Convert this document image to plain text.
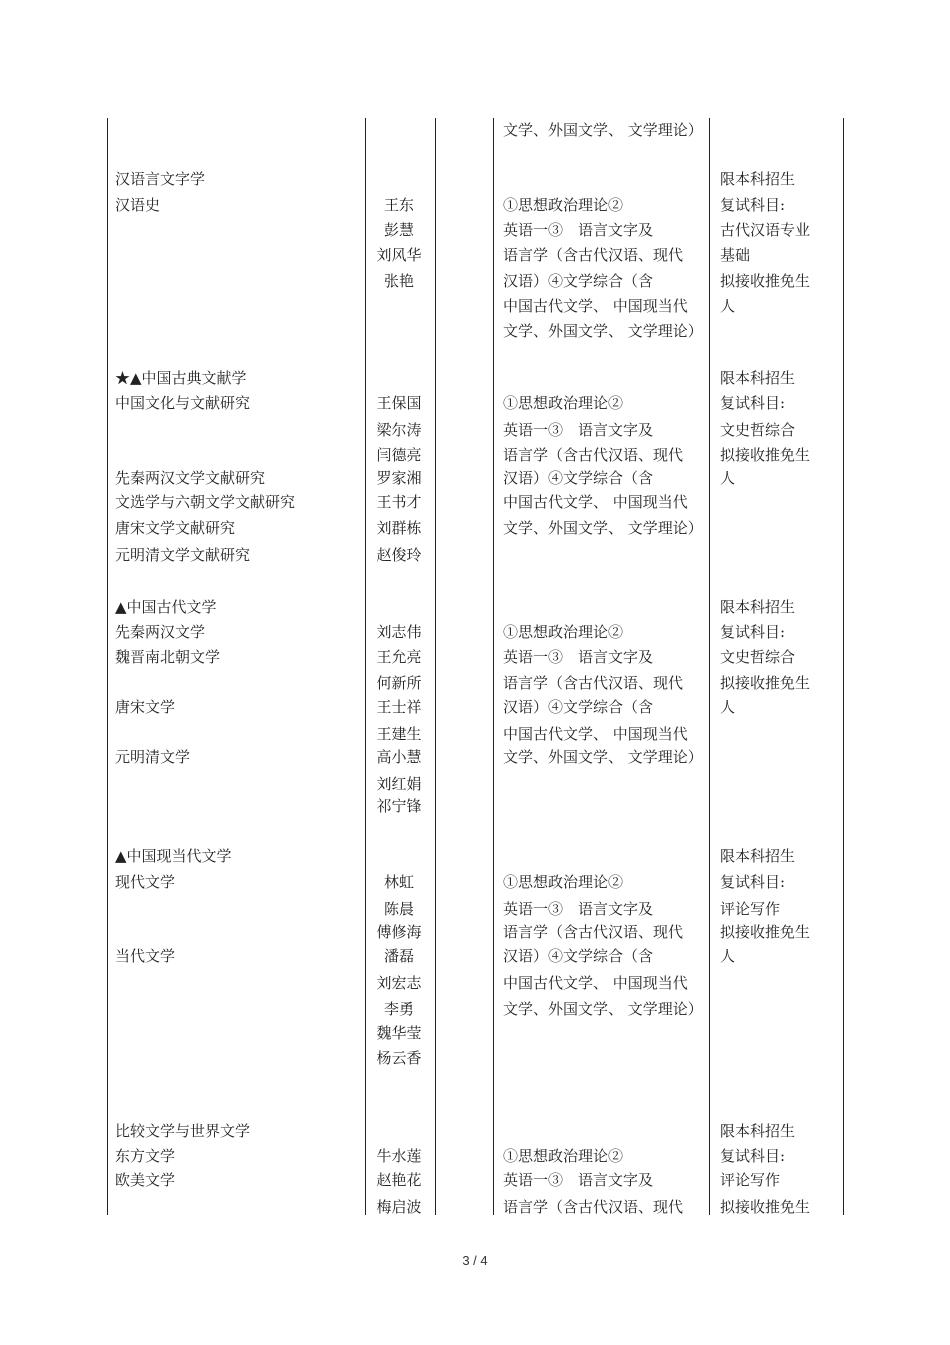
文学、外国文学、 文学理论）
汉语言文字学
汉语史	王东
彭慧
刘风华
张艳
①思想政治理论②
英语一③　语言文字及
语言学（含古代汉语、现代
汉语）④文学综合（含
中国古代文学、 中国现当代
文学、外国文学、 文学理论）
限本科招生
复试科目:
古代汉语专业
基础
拟接收推免生
人
★▲中国古典文献学
中国文化与文献研究
先秦两汉文学文献研究
文选学与六朝文学文献研究
唐宋文学文献研究
元明清文学文献研究
王保国
梁尔涛
闫德亮
罗家湘
王书才
刘群栋
赵俊玲
①思想政治理论②
英语一③　语言文字及
语言学（含古代汉语、现代
汉语）④文学综合（含
中国古代文学、 中国现当代
文学、外国文学、 文学理论）
限本科招生
复试科目:
文史哲综合
拟接收推免生
人
▲中国古代文学
先秦两汉文学
魏晋南北朝文学
唐宋文学
元明清文学
刘志伟
王允亮
何新所
王士祥
王建生
高小慧
刘红娟
祁宁锋
①思想政治理论②
英语一③　语言文字及
语言学（含古代汉语、现代
汉语）④文学综合（含
中国古代文学、 中国现当代
文学、外国文学、 文学理论）
限本科招生
复试科目:
文史哲综合
拟接收推免生
人
▲中国现当代文学
现代文学
当代文学
林虹
陈晨
傅修海
潘磊
刘宏志
李勇
魏华莹
杨云香
①思想政治理论②
英语一③　语言文字及
语言学（含古代汉语、现代
汉语）④文学综合（含
中国古代文学、 中国现当代
文学、外国文学、 文学理论）
限本科招生
复试科目:
评论写作
拟接收推免生
人
比较文学与世界文学
东方文学
欧美文学
牛水莲
赵艳花
梅启波
①思想政治理论②
英语一③　语言文字及
语言学（含古代汉语、现代
限本科招生
复试科目:
评论写作
拟接收推免生
3 / 4
